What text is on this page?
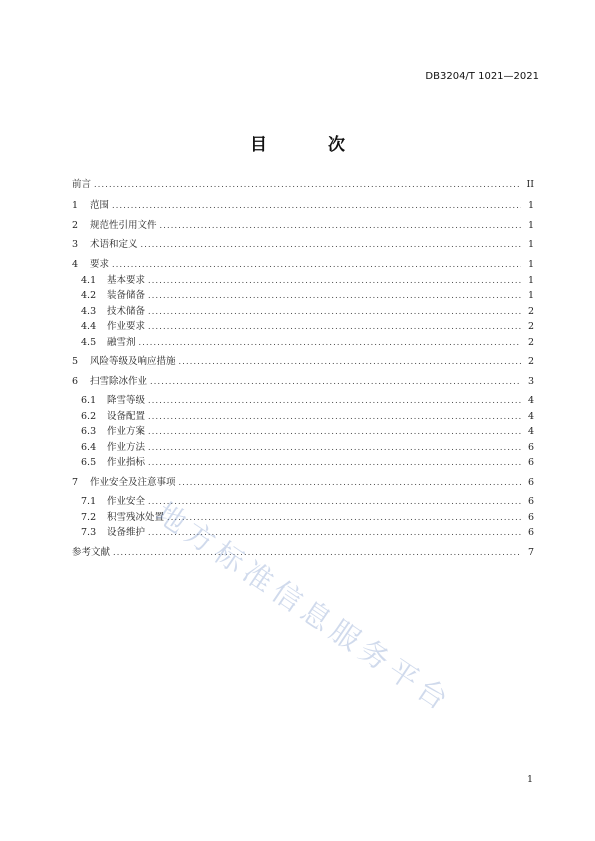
DB3204/T 1021—2021
目　次
前言 .....	II
1	范围 .....	1
2	规范性引用文件 .....	1
3	术语和定义 .....	1
4	要求 .....	1
4.1	基本要求 .....	1
4.2	装备储备 .....	1
4.3	技术储备 .....	2
4.4	作业要求 .....	2
4.5	融雪剂 .....	2
5	风险等级及响应措施 .....	2
6	扫雪除冰作业 .....	3
6.1	降雪等级 .....	4
6.2	设备配置 .....	4
6.3	作业方案 .....	4
6.4	作业方法 .....	6
6.5	作业指标 .....	6
7	作业安全及注意事项 .....	6
7.1	作业安全 .....	6
7.2	积雪残冰处置 .....	6
7.3	设备维护 .....	6
参考文献 .....	7
地方标准信息服务平台
1
